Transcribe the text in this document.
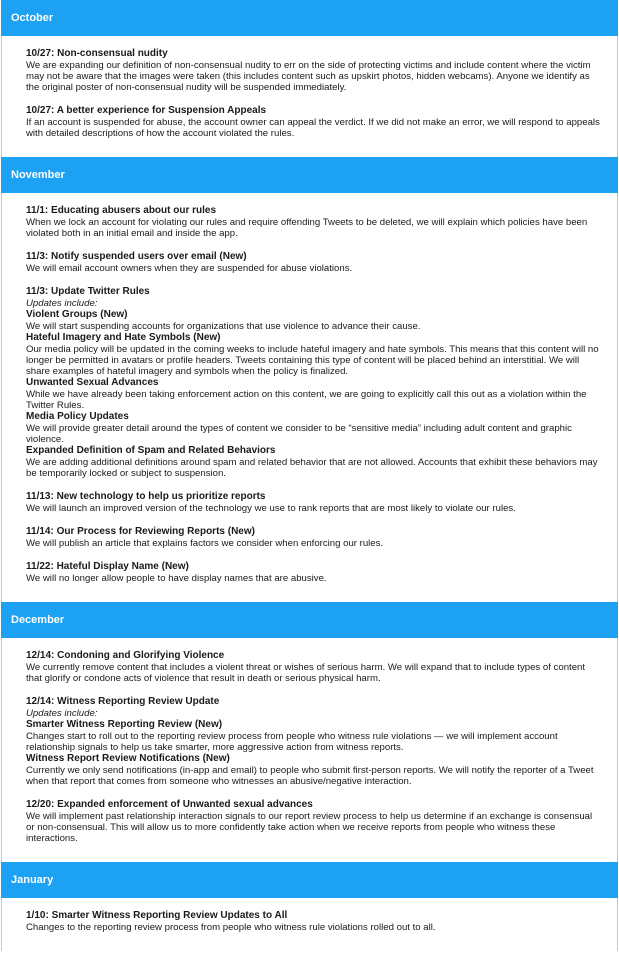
October
10/27: Non-consensual nudity
We are expanding our definition of non-consensual nudity to err on the side of protecting victims and include content where the victim may not be aware that the images were taken (this includes content such as upskirt photos, hidden webcams). Anyone we identify as the original poster of non-consensual nudity will be suspended immediately.
10/27: A better experience for Suspension Appeals
If an account is suspended for abuse, the account owner can appeal the verdict. If we did not make an error, we will respond to appeals with detailed descriptions of how the account violated the rules.
November
11/1: Educating abusers about our rules
When we lock an account for violating our rules and require offending Tweets to be deleted, we will explain which policies have been violated both in an initial email and inside the app.
11/3: Notify suspended users over email (New)
We will email account owners when they are suspended for abuse violations.
11/3: Update Twitter Rules
Updates include:
Violent Groups (New)
We will start suspending accounts for organizations that use violence to advance their cause.
Hateful Imagery and Hate Symbols (New)
Our media policy will be updated in the coming weeks to include hateful imagery and hate symbols. This means that this content will no longer be permitted in avatars or profile headers. Tweets containing this type of content will be placed behind an interstitial. We will share examples of hateful imagery and symbols when the policy is finalized.
Unwanted Sexual Advances
While we have already been taking enforcement action on this content, we are going to explicitly call this out as a violation within the Twitter Rules.
Media Policy Updates
We will provide greater detail around the types of content we consider to be “sensitive media” including adult content and graphic violence.
Expanded Definition of Spam and Related Behaviors
We are adding additional definitions around spam and related behavior that are not allowed. Accounts that exhibit these behaviors may be temporarily locked or subject to suspension.
11/13: New technology to help us prioritize reports
We will launch an improved version of the technology we use to rank reports that are most likely to violate our rules.
11/14: Our Process for Reviewing Reports (New)
We will publish an article that explains factors we consider when enforcing our rules.
11/22: Hateful Display Name (New)
We will no longer allow people to have display names that are abusive.
December
12/14: Condoning and Glorifying Violence
We currently remove content that includes a violent threat or wishes of serious harm. We will expand that to include types of content that glorify or condone acts of violence that result in death or serious physical harm.
12/14: Witness Reporting Review Update
Updates include:
Smarter Witness Reporting Review (New)
Changes start to roll out to the reporting review process from people who witness rule violations — we will implement account relationship signals to help us take smarter, more aggressive action from witness reports.
Witness Report Review Notifications (New)
Currently we only send notifications (in-app and email) to people who submit first-person reports. We will notify the reporter of a Tweet when that report that comes from someone who witnesses an abusive/negative interaction.
12/20: Expanded enforcement of Unwanted sexual advances
We will implement past relationship interaction signals to our report review process to help us determine if an exchange is consensual or non-consensual. This will allow us to more confidently take action when we receive reports from people who witness these interactions.
January
1/10: Smarter Witness Reporting Review Updates to All
Changes to the reporting review process from people who witness rule violations rolled out to all.
